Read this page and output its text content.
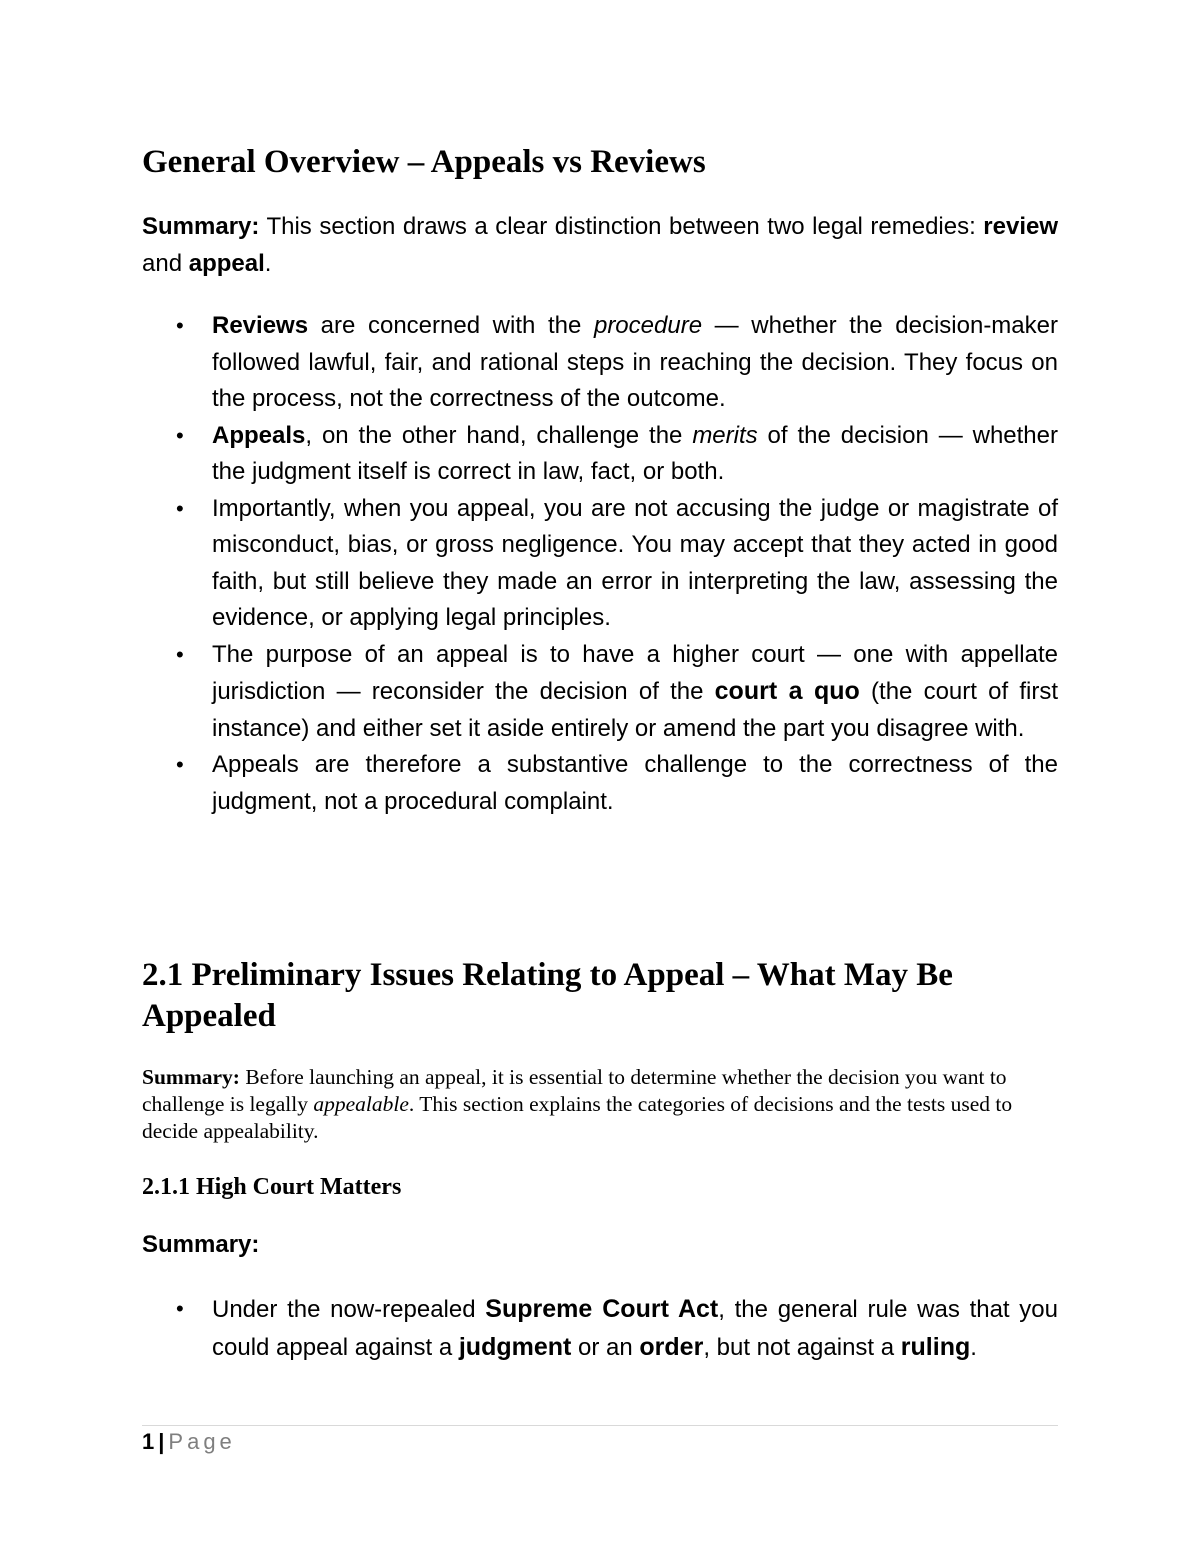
General Overview – Appeals vs Reviews
Summary: This section draws a clear distinction between two legal remedies: review and appeal.
• Reviews are concerned with the procedure — whether the decision-maker followed lawful, fair, and rational steps in reaching the decision. They focus on the process, not the correctness of the outcome.
• Appeals, on the other hand, challenge the merits of the decision — whether the judgment itself is correct in law, fact, or both.
• Importantly, when you appeal, you are not accusing the judge or magistrate of misconduct, bias, or gross negligence. You may accept that they acted in good faith, but still believe they made an error in interpreting the law, assessing the evidence, or applying legal principles.
• The purpose of an appeal is to have a higher court — one with appellate jurisdiction — reconsider the decision of the court a quo (the court of first instance) and either set it aside entirely or amend the part you disagree with.
• Appeals are therefore a substantive challenge to the correctness of the judgment, not a procedural complaint.
2.1 Preliminary Issues Relating to Appeal – What May Be Appealed
Summary: Before launching an appeal, it is essential to determine whether the decision you want to challenge is legally appealable. This section explains the categories of decisions and the tests used to decide appealability.
2.1.1 High Court Matters
Summary:
• Under the now-repealed Supreme Court Act, the general rule was that you could appeal against a judgment or an order, but not against a ruling.
1 | Page
